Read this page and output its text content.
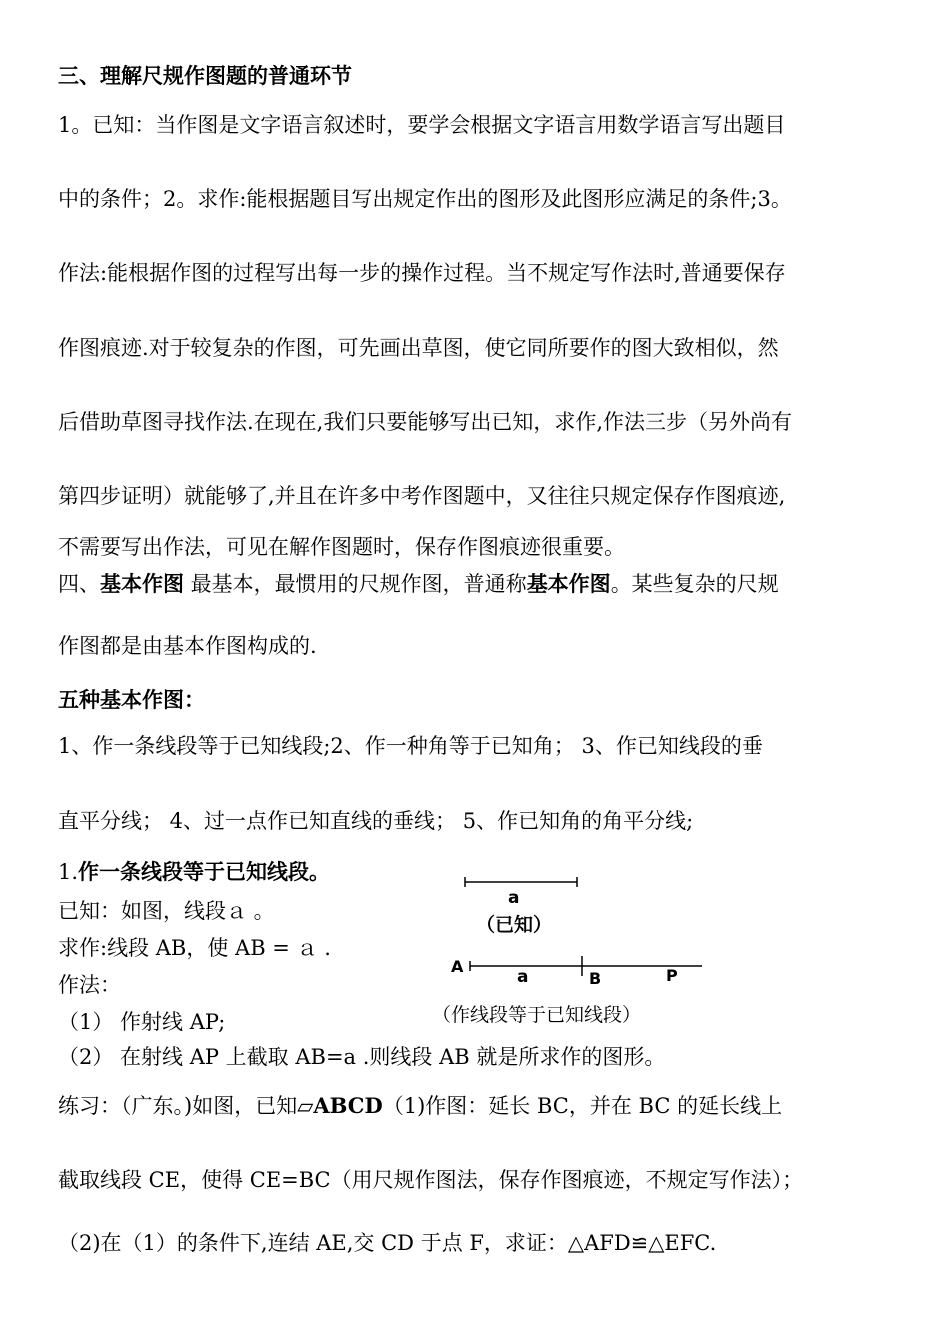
三、理解尺规作图题的普通环节
1。已知：当作图是文字语言叙述时，要学会根据文字语言用数学语言写出题目
中的条件；2。求作:能根据题目写出规定作出的图形及此图形应满足的条件;3。
作法:能根据作图的过程写出每一步的操作过程。当不规定写作法时,普通要保存
作图痕迹.对于较复杂的作图，可先画出草图，使它同所要作的图大致相似，然
后借助草图寻找作法.在现在,我们只要能够写出已知，求作,作法三步（另外尚有
第四步证明）就能够了,并且在许多中考作图题中，又往往只规定保存作图痕迹,
不需要写出作法，可见在解作图题时，保存作图痕迹很重要。
四、基本作图 最基本，最惯用的尺规作图，普通称基本作图。某些复杂的尺规
作图都是由基本作图构成的.
五种基本作图：
1、作一条线段等于已知线段;2、作一种角等于已知角； 3、作已知线段的垂
直平分线； 4、过一点作已知直线的垂线； 5、作已知角的角平分线;
1.作一条线段等于已知线段。
已知：如图，线段ａ 。
求作:线段 AB，使 AB = ａ .
作法：
（1） 作射线 AP;
（2） 在射线 AP 上截取 AB=a .则线段 AB 就是所求作的图形。
a
（已知）
A
a	B	P
（作线段等于已知线段）
练习：（广东。)如图，已知▱ABCD（1)作图：延长 BC，并在 BC 的延长线上
截取线段 CE，使得 CE=BC（用尺规作图法，保存作图痕迹，不规定写作法）；
（2)在（1）的条件下,连结 AE,交 CD 于点 F，求证：△AFD≌△EFC.
